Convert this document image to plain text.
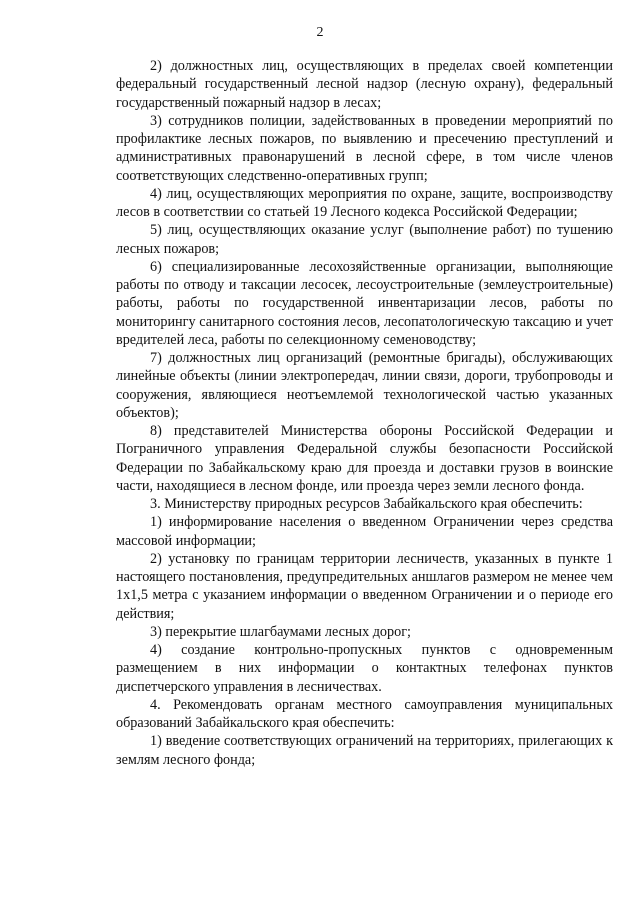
2

2) должностных лиц, осуществляющих в пределах своей компетенции федеральный государственный лесной надзор (лесную охрану), федеральный государственный пожарный надзор в лесах;

3) сотрудников полиции, задействованных в проведении мероприятий по профилактике лесных пожаров, по выявлению и пресечению преступлений и административных правонарушений в лесной сфере, в том числе членов соответствующих следственно-оперативных групп;

4) лиц, осуществляющих мероприятия по охране, защите, воспроизводству лесов в соответствии со статьей 19 Лесного кодекса Российской Федерации;

5) лиц, осуществляющих оказание услуг (выполнение работ) по тушению лесных пожаров;

6) специализированные лесохозяйственные организации, выполняющие работы по отводу и таксации лесосек, лесоустроительные (землеустроительные) работы, работы по государственной инвентаризации лесов, работы по мониторингу санитарного состояния лесов, лесопатологическую таксацию и учет вредителей леса, работы по селекционному семеноводству;

7) должностных лиц организаций (ремонтные бригады), обслуживающих линейные объекты (линии электропередач, линии связи, дороги, трубопроводы и сооружения, являющиеся неотъемлемой технологической частью указанных объектов);

8) представителей Министерства обороны Российской Федерации и Пограничного управления Федеральной службы безопасности Российской Федерации по Забайкальскому краю для проезда и доставки грузов в воинские части, находящиеся в лесном фонде, или проезда через земли лесного фонда.

3. Министерству природных ресурсов Забайкальского края обеспечить:

1) информирование населения о введенном Ограничении через средства массовой информации;

2) установку по границам территории лесничеств, указанных в пункте 1 настоящего постановления, предупредительных аншлагов размером не менее чем 1х1,5 метра с указанием информации о введенном Ограничении и о периоде его действия;

3) перекрытие шлагбаумами лесных дорог;

4) создание контрольно-пропускных пунктов с одновременным размещением в них информации о контактных телефонах пунктов диспетчерского управления в лесничествах.

4. Рекомендовать органам местного самоуправления муниципальных образований Забайкальского края обеспечить:

1) введение соответствующих ограничений на территориях, прилегающих к землям лесного фонда;
